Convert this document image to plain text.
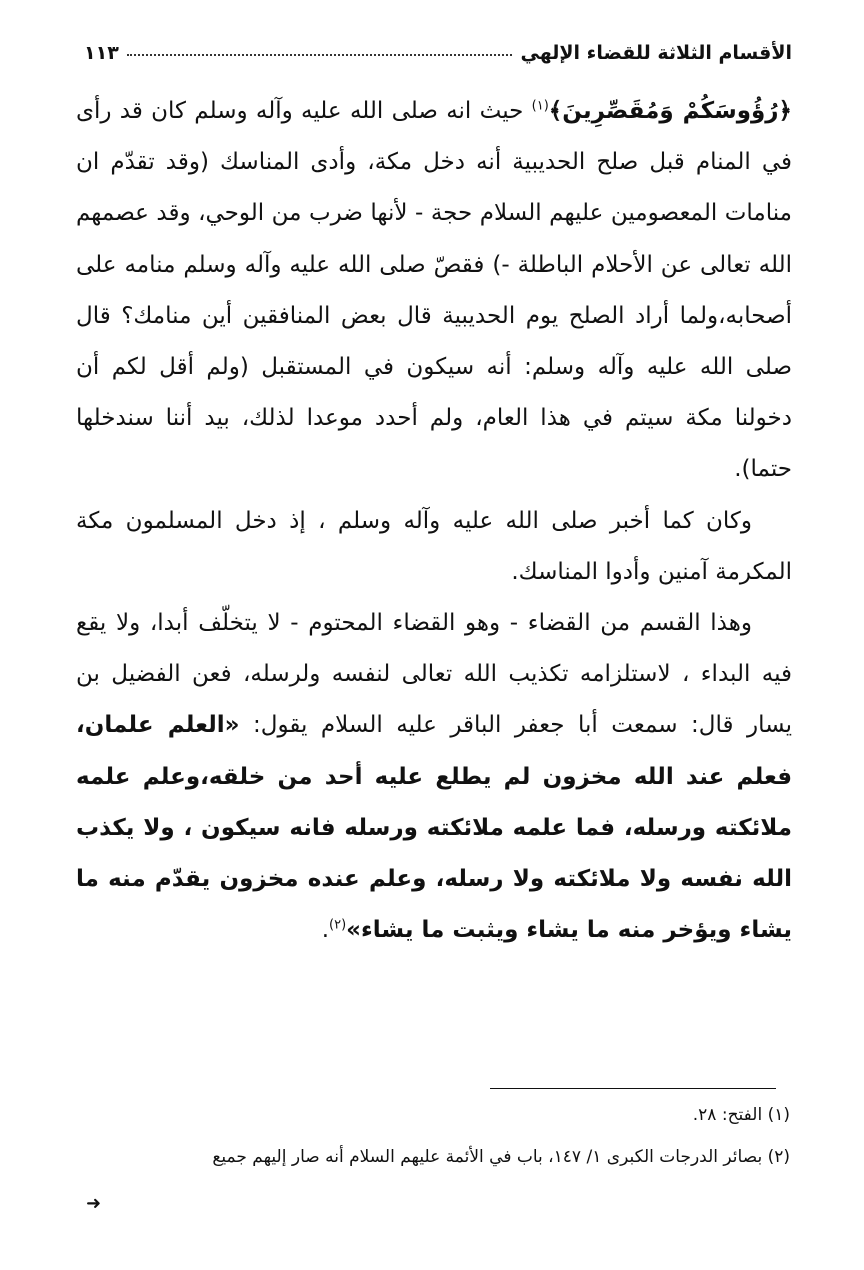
الأقسام الثلاثة للقضاء الإلهي
١١٣

﴿رُؤُوسَكُمْ وَمُقَصِّرِينَ﴾$^{(١)}$ حيث انه صلى الله عليه وآله وسلم كان قد رأى في المنام قبل صلح الحديبية أنه دخل مكة، وأدى المناسك (وقد تقدّم ان منامات المعصومين عليهم السلام حجة - لأنها ضرب من الوحي، وقد عصمهم الله تعالى عن الأحلام الباطلة -) فقصّ صلى الله عليه وآله وسلم منامه على أصحابه،ولما أراد الصلح يوم الحديبية قال بعض المنافقين أين منامك؟ قال صلى الله عليه وآله وسلم: أنه سيكون في المستقبل (ولم أقل لكم أن دخولنا مكة سيتم في هذا العام، ولم أحدد موعدا لذلك، بيد أننا سندخلها حتما).

وكان كما أخبر صلى الله عليه وآله وسلم ، إذ دخل المسلمون مكة المكرمة آمنين وأدوا المناسك.

وهذا القسم من القضاء - وهو القضاء المحتوم - لا يتخلّف أبدا، ولا يقع فيه البداء ، لاستلزامه تكذيب الله تعالى لنفسه ولرسله، فعن الفضيل بن يسار قال: سمعت أبا جعفر الباقر عليه السلام يقول: «العلم علمان، فعلم عند الله مخزون لم يطلع عليه أحد من خلقه،وعلم علمه ملائكته ورسله، فما علمه ملائكته ورسله فانه سيكون ، ولا يكذب الله نفسه ولا ملائكته ولا رسله، وعلم عنده مخزون يقدّم منه ما يشاء ويؤخر منه ما يشاء ويثبت ما يشاء»$^{(٢)}$.

(١) الفتح: ٢٨.

(٢) بصائر الدرجات الكبرى ١/ ١٤٧، باب في الأئمة عليهم السلام أنه صار إليهم جميع

➜
